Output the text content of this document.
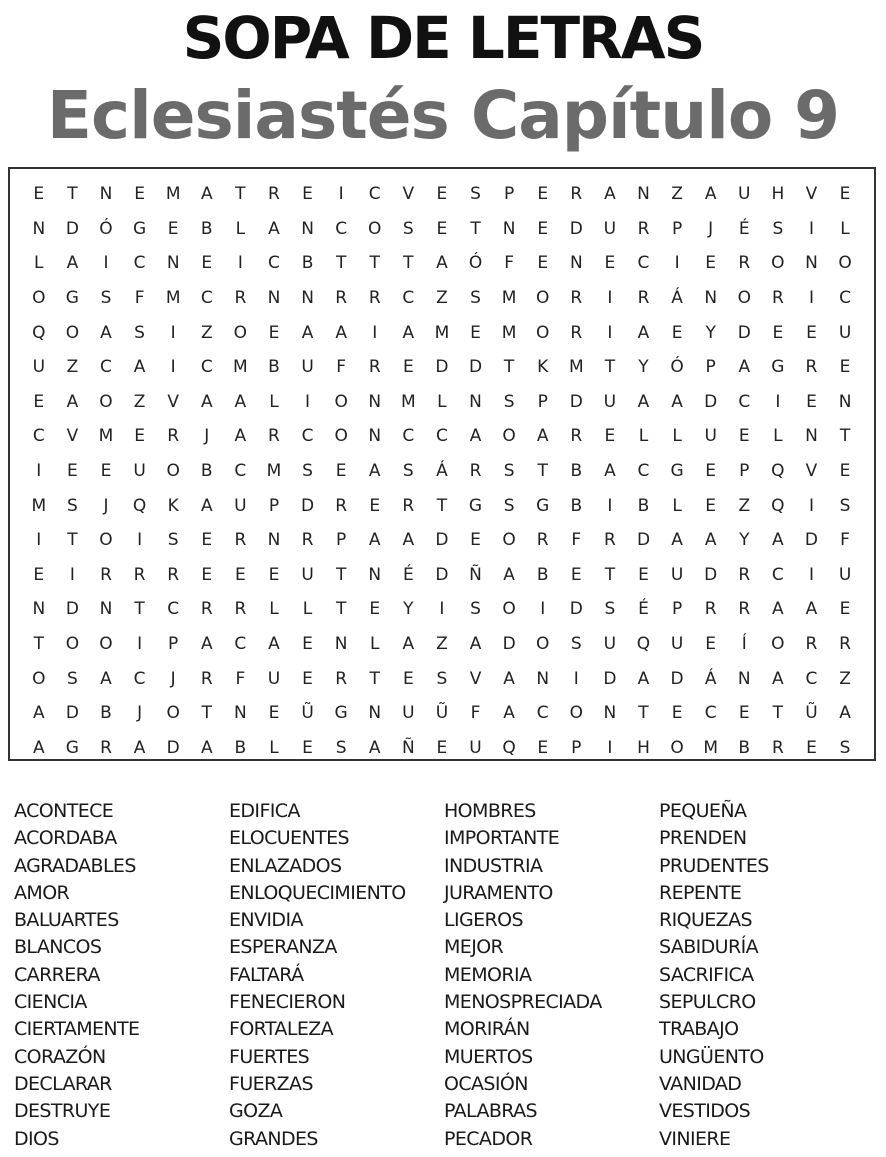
SOPA DE LETRAS
Eclesiastés Capítulo 9
E	T	N	E	M	A	T	R	E	I	C	V	E	S	P	E	R	A	N	Z	A	U	H	V	E
N	D	Ó	G	E	B	L	A	N	C	O	S	E	T	N	E	D	U	R	P	J	É	S	I	L
L	A	I	C	N	E	I	C	B	T	T	T	A	Ó	F	E	N	E	C	I	E	R	O	N	O
O	G	S	F	M	C	R	N	N	R	R	C	Z	S	M	O	R	I	R	Á	N	O	R	I	C
Q	O	A	S	I	Z	O	E	A	A	I	A	M	E	M	O	R	I	A	E	Y	D	E	E	U
U	Z	C	A	I	C	M	B	U	F	R	E	D	D	T	K	M	T	Y	Ó	P	A	G	R	E
E	A	O	Z	V	A	A	L	I	O	N	M	L	N	S	P	D	U	A	A	D	C	I	E	N
C	V	M	E	R	J	A	R	C	O	N	C	C	A	O	A	R	E	L	L	U	E	L	N	T
I	E	E	U	O	B	C	M	S	E	A	S	Á	R	S	T	B	A	C	G	E	P	Q	V	E
M	S	J	Q	K	A	U	P	D	R	E	R	T	G	S	G	B	I	B	L	E	Z	Q	I	S
I	T	O	I	S	E	R	N	R	P	A	A	D	E	O	R	F	R	D	A	A	Y	A	D	F
E	I	R	R	R	E	E	E	U	T	N	É	D	Ñ	A	B	E	T	E	U	D	R	C	I	U
N	D	N	T	C	R	R	L	L	T	E	Y	I	S	O	I	D	S	É	P	R	R	A	A	E
T	O	O	I	P	A	C	A	E	N	L	A	Z	A	D	O	S	U	Q	U	E	Í	O	R	R
O	S	A	C	J	R	F	U	E	R	T	E	S	V	A	N	I	D	A	D	Á	N	A	C	Z
A	D	B	J	O	T	N	E	Ũ	G	N	U	Ũ	F	A	C	O	N	T	E	C	E	T	Ũ	A
A	G	R	A	D	A	B	L	E	S	A	Ñ	E	U	Q	E	P	I	H	O	M	B	R	E	S
ACONTECE
ACORDABA
AGRADABLES
AMOR
BALUARTES
BLANCOS
CARRERA
CIENCIA
CIERTAMENTE
CORAZÓN
DECLARAR
DESTRUYE
DIOS
EDIFICA
ELOCUENTES
ENLAZADOS
ENLOQUECIMIENTO
ENVIDIA
ESPERANZA
FALTARÁ
FENECIERON
FORTALEZA
FUERTES
FUERZAS
GOZA
GRANDES
HOMBRES
IMPORTANTE
INDUSTRIA
JURAMENTO
LIGEROS
MEJOR
MEMORIA
MENOSPRECIADA
MORIRÁN
MUERTOS
OCASIÓN
PALABRAS
PECADOR
PEQUEÑA
PRENDEN
PRUDENTES
REPENTE
RIQUEZAS
SABIDURÍA
SACRIFICA
SEPULCRO
TRABAJO
UNGÜENTO
VANIDAD
VESTIDOS
VINIERE
